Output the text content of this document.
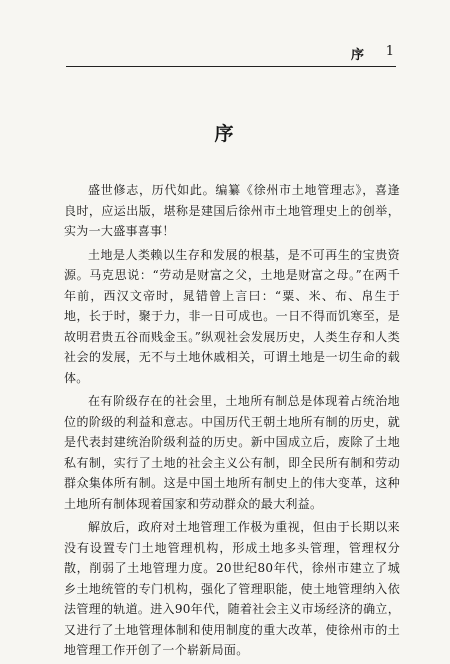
序 1
序

盛世修志，历代如此。编纂《徐州市土地管理志》，喜逢良时，应运出版，堪称是建国后徐州市土地管理史上的创举，实为一大盛事喜事！

土地是人类赖以生存和发展的根基，是不可再生的宝贵资源。马克思说：“劳动是财富之父，土地是财富之母。”在两千年前，西汉文帝时，晁错曾上言曰：“粟、米、布、帛生于地，长于时，聚于力，非一日可成也。一日不得而饥寒至，是故明君贵五谷而贱金玉。”纵观社会发展历史，人类生存和人类社会的发展，无不与土地休戚相关，可谓土地是一切生命的载体。

在有阶级存在的社会里，土地所有制总是体现着占统治地位的阶级的利益和意志。中国历代王朝土地所有制的历史，就是代表封建统治阶级利益的历史。新中国成立后，废除了土地私有制，实行了土地的社会主义公有制，即全民所有制和劳动群众集体所有制。这是中国土地所有制史上的伟大变革，这种土地所有制体现着国家和劳动群众的最大利益。

解放后，政府对土地管理工作极为重视，但由于长期以来没有设置专门土地管理机构，形成土地多头管理，管理权分散，削弱了土地管理力度。20世纪80年代，徐州市建立了城乡土地统管的专门机构，强化了管理职能，使土地管理纳入依法管理的轨道。进入90年代，随着社会主义市场经济的确立，又进行了土地管理体制和使用制度的重大改革，使徐州市的土地管理工作开创了一个崭新局面。
